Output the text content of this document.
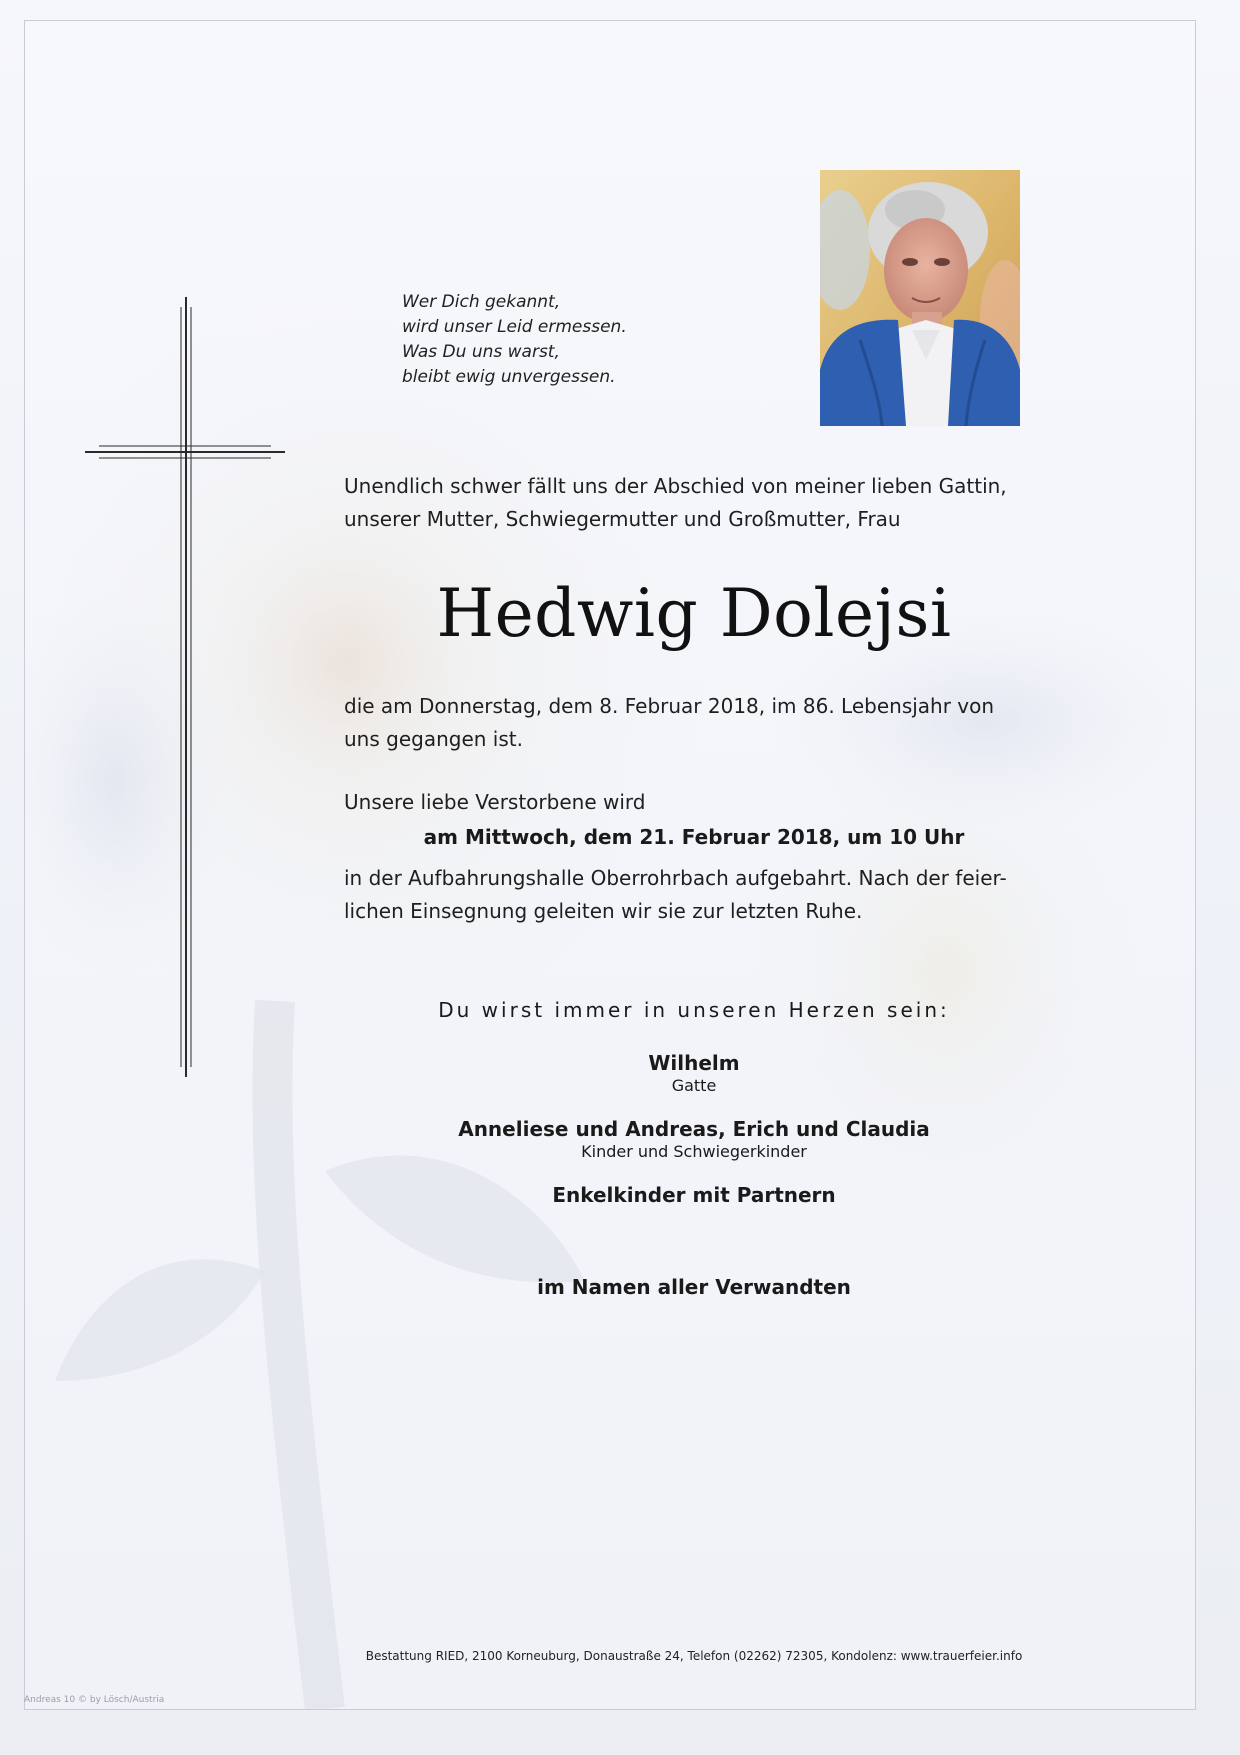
Wer Dich gekannt,
wird unser Leid ermessen.
Was Du uns warst,
bleibt ewig unvergessen.
Unendlich schwer fällt uns der Abschied von meiner lieben Gattin,
unserer Mutter, Schwiegermutter und Großmutter, Frau
Hedwig Dolejsi
die am Donnerstag, dem 8. Februar 2018, im 86. Lebensjahr von
uns gegangen ist.
Unsere liebe Verstorbene wird
am Mittwoch, dem 21. Februar 2018, um 10 Uhr
in der Aufbahrungshalle Oberrohrbach aufgebahrt. Nach der feier-
lichen Einsegnung geleiten wir sie zur letzten Ruhe.
Du wirst immer in unseren Herzen sein:
Wilhelm
Gatte
Anneliese und Andreas, Erich und Claudia
Kinder und Schwiegerkinder
Enkelkinder mit Partnern
im Namen aller Verwandten
Bestattung RIED, 2100 Korneuburg, Donaustraße 24, Telefon (02262) 72305, Kondolenz: www.trauerfeier.info
Andreas 10 © by Lösch/Austria
